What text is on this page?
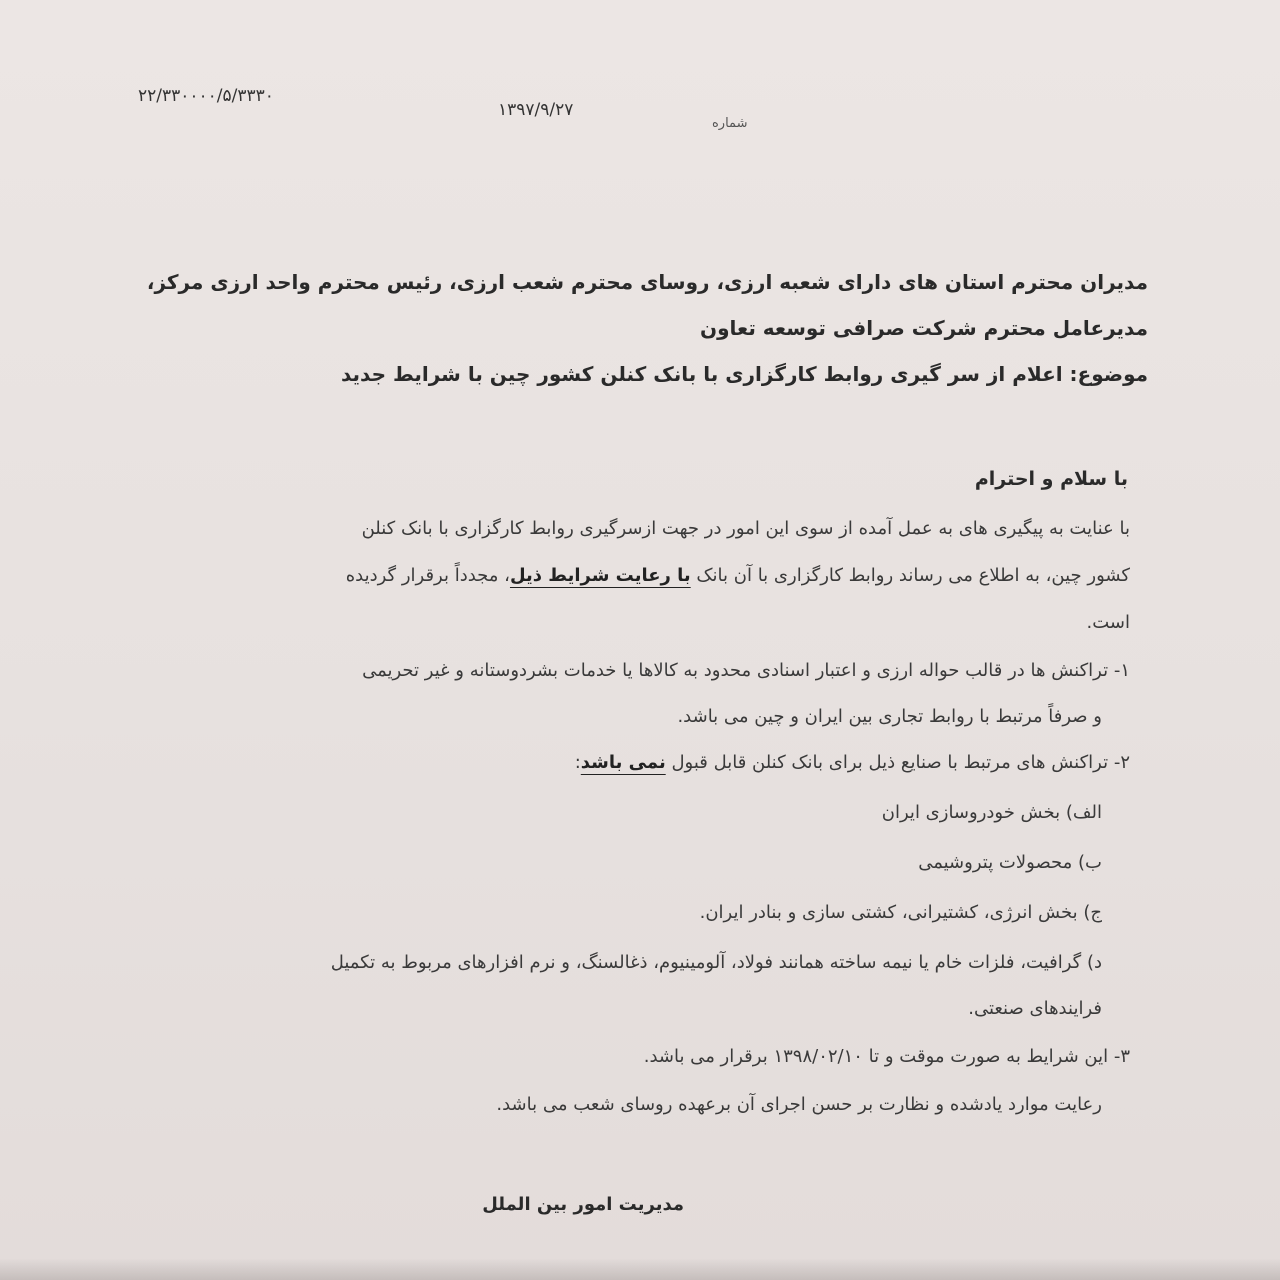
۲۲/۳۳۰۰۰۰/۵/۳۳۳۰
۱۳۹۷/۹/۲۷
شماره
مدیران محترم استان های دارای شعبه ارزی، روسای محترم شعب ارزی، رئیس محترم واحد ارزی مرکز،
مدیرعامل محترم شرکت صرافی توسعه تعاون
موضوع: اعلام از سر گیری روابط کارگزاری با بانک کنلن کشور چین با شرایط جدید
با سلام و احترام
با عنایت به پیگیری های به عمل آمده از سوی این امور در جهت ازسرگیری روابط کارگزاری با بانک کنلن
کشور چین، به اطلاع می رساند روابط کارگزاری با آن بانک با رعایت شرایط ذیل، مجدداً برقرار گردیده
است.
۱- تراکنش ها در قالب حواله ارزی و اعتبار اسنادی محدود به کالاها یا خدمات بشردوستانه و غیر تحریمی
و صرفاً مرتبط با روابط تجاری بین ایران و چین می باشد.
۲- تراکنش های مرتبط با صنایع ذیل برای بانک کنلن قابل قبول نمی باشد:
الف) بخش خودروسازی ایران
ب) محصولات پتروشیمی
ج) بخش انرژی، کشتیرانی، کشتی سازی و بنادر ایران.
د) گرافیت، فلزات خام یا نیمه ساخته همانند فولاد، آلومینیوم، ذغالسنگ، و نرم افزارهای مربوط به تکمیل
فرایندهای صنعتی.
۳- این شرایط به صورت موقت و تا ۱۳۹۸/۰۲/۱۰ برقرار می باشد.
رعایت موارد یادشده و نظارت بر حسن اجرای آن برعهده روسای شعب می باشد.
مدیریت امور بین الملل
